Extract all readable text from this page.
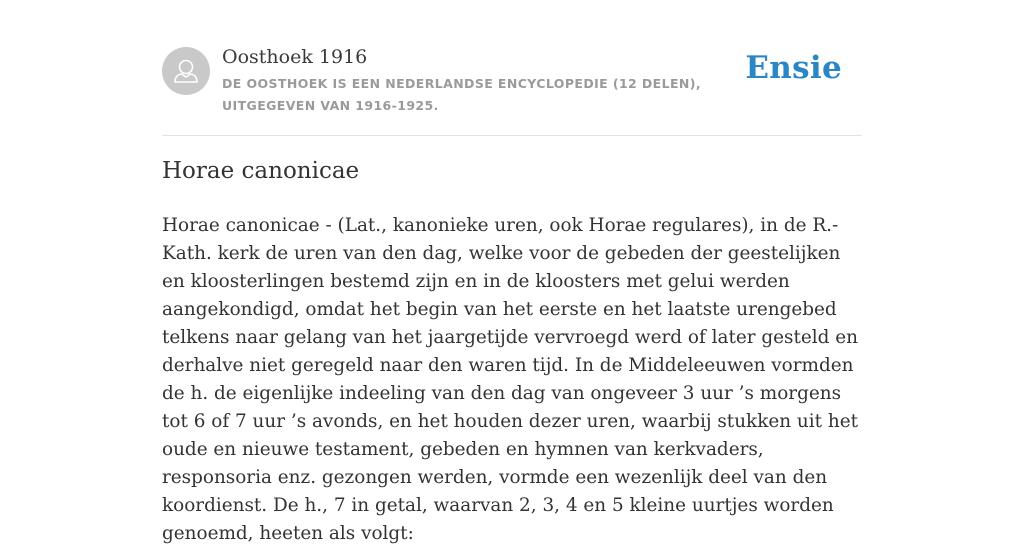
Oosthoek 1916
DE OOSTHOEK IS EEN NEDERLANDSE ENCYCLOPEDIE (12 DELEN), UITGEGEVEN VAN 1916-1925.
Ensie
Horae canonicae

Horae canonicae - (Lat., kanonieke uren, ook Horae regulares), in de R.-Kath. kerk de uren van den dag, welke voor de gebeden der geestelijken en kloosterlingen bestemd zijn en in de kloosters met gelui werden aangekondigd, omdat het begin van het eerste en het laatste urengebed telkens naar gelang van het jaargetijde vervroegd werd of later gesteld en derhalve niet geregeld naar den waren tijd. In de Middeleeuwen vormden de h. de eigenlijke indeeling van den dag van ongeveer 3 uur ’s morgens tot 6 of 7 uur ’s avonds, en het houden dezer uren, waarbij stukken uit het oude en nieuwe testament, gebeden en hymnen van kerkvaders, responsoria enz. gezongen werden, vormde een wezenlijk deel van den koordienst. De h., 7 in getal, waarvan 2, 3, 4 en 5 kleine uurtjes worden genoemd, heeten als volgt:
